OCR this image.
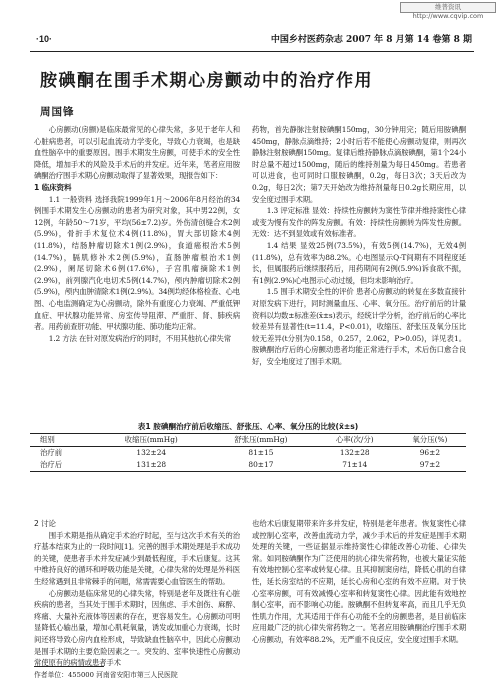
维普资讯 http://www.cqvip.com
·10·	中国乡村医药杂志 2007 年 8 月第 14 卷第 8 期
胺碘酮在围手术期心房颤动中的治疗作用
周国锋

心房颤动(房颤)是临床最常见的心律失常，多见于老年人和心脏病患者，可以引起血流动力学变化，导致心力衰竭，也是缺血性脑卒中的重要原因。围手术期发生房颤，可使手术的安全性降低，增加手术的风险及手术后的并发症。近年来，笔者应用胺碘酮治疗围手术期心房颤动取得了显著效果，现报告如下：

1 临床资料

1.1 一般资料 选择我院1999年1月～2006年8月经治的34例围手术期发生心房颤动的患者为研究对象，其中男22例，女12例，年龄50～71岁，平均(56±7.2)岁。外伤清创缝合术2例(5.9%)，骨折手术复位术4例(11.8%)，胃大部切除术4例(11.8%)，结肠肿瘤切除术1例(2.9%)，食道癌根治术5例(14.7%)，膈肌修补术2例(5.9%)，直肠肿瘤根治术1例(2.9%)，阑尾切除术6例(17.6%)，子宫肌瘤摘除术1例(2.9%)，前列腺汽化电切术5例(14.7%)，颅内肿瘤切除术2例(5.9%)，颅内血肿清除术1例(2.9%)。34例均经体格检查、心电图、心电监测确定为心房颤动，除外有重度心力衰竭、严重低钾血症、甲状腺功能异常、房室传导阻滞、严重肝、肾、肺疾病者。用药前查肝功能、甲状腺功能、肺功能均正常。

1.2 方法 在针对原发病治疗的同时，不用其他抗心律失常

药物，首先静脉注射胺碘酮150mg，30分钟用完；随后用胺碘酮450mg，静脉点滴维持；2小时后若不能使心房颤动复律，则再次静脉注射胺碘酮150mg。复律后维持静脉点滴胺碘酮，第1个24小时总量不超过1500mg，随后的维持剂量为每日450mg。若患者可以进食，也可同时口服胺碘酮，0.2g，每日3次；3天后改为0.2g，每日2次；第7天开始改为维持剂量每日0.2g长期应用，以安全度过围手术期。

1.3 评定标准 显效：持续性房颤转为窦性节律并维持窦性心律或变为慢有发作的阵发房颤。有效：持续性房颤转为阵发性房颤。无效：达不到显效或有效标准者。

1.4 结果 显效25例(73.5%)，有效5例(14.7%)，无效4例(11.8%)，总有效率为88.2%。心电图显示Q-T间期有不同程度延长，但属服药后继续服药后，用药期间有2例(5.9%)诉食欲不振，有1例(2.9%)心电图示心动过缓，但均未影响治疗。

1.5 围手术期安全性的评价 患者心房颤动的转复在多数直接针对原发病下进行，同时测量血压、心率、氧分压。治疗前后的计量资料以均数±标准差(x̄±s)表示，经统计学分析，治疗前后的心率比较差异有显著性(t=11.4，P<0.01)，收缩压、舒张压及氧分压比较无差异(t分别为0.158，0.257，2.062，P>0.05)，详见表1。胺碘酮治疗后的心房颤动患者均能正常进行手术，术后伤口愈合良好，安全地度过了围手术期。

表1 胺碘酮治疗前后收缩压、舒张压、心率、氧分压的比较(x̄±s)
组别	收缩压(mmHg)	舒张压(mmHg)	心率(次/分)	氧分压(%)
治疗前	132±24	81±15	132±28	96±2
治疗后	131±28	80±17	71±14	97±2
2 讨论

围手术期是指从确定手术治疗时起，至与这次手术有关的治疗基本结束为止的一段时间[1]。完善的围手术期处理是手术成功的关键，使患者手术并发症减少到最低程度，手术后康复。这其中维持良好的循环和呼吸功能是关键，心律失常的处理是外科医生经常遇到且非常棘手的问题，常需需要心血管医生的帮助。

心房颤动是临床常见的心律失常，特别是老年及既往有心脏疾病的患者，当其处于围手术期时，因焦虑、手术创伤、麻醉、疼痛、大量补充液体等因素的存在，更容易发生。心房颤动可明显降低心输出量，增加心肌耗氧量，诱发或加重心力衰竭，长时间还将导致心房内血栓形成，导致缺血性脑卒中，因此心房颤动是围手术期的主要危险因素之一。突发的、室率快速性心房颤动常使原有的病情或患者手术

也给术后康复期带来许多并发症，特别是老年患者。恢复窦性心律或控制心室率，改善血流动力学，减少手术后的并发症是围手术期处理的关键，一些证据显示维持窦性心律能改善心功能、心律失常。如同胺碘酮作为广泛使用的抗心律失常药物，也被大量证实能有效地控制心室率或转复心律。且其抑制窦房结，降低心肌的自律性，延长房室结的不应期，延长心房和心室的有效不应期。对于快心室率房颤，可有效减慢心室率和转复窦性心律。因此能有效地控制心室率，而不影响心功能。胺碘酮不但转复率高，而且几乎无负性肌力作用，尤其适用于伴有心功能不全的房颤患者，是目前临床应用最广泛的抗心律失常药物之一。笔者应用胺碘酮治疗围手术期心房颤动，有效率88.2%，无严重不良反应，安全度过围手术期。

作者单位：455000 河南省安阳市第三人民医院
